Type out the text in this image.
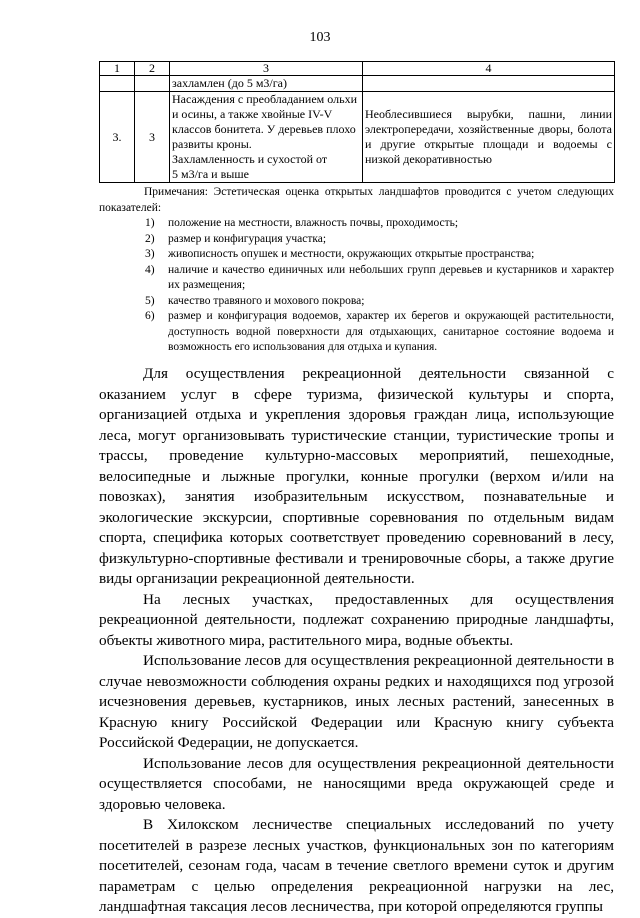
103
1	2	3	4
		захламлен (до 5 м3/га)	
3.	3	Насаждения с преобладанием ольхи и осины, а также хвойные IV-V классов бонитета. У деревьев плохо развиты кроны.
Захламленность и сухостой от
5 м3/га и выше	Необлесившиеся вырубки, пашни, линии электропередачи, хозяйственные дворы, болота и другие открытые площади и водоемы с низкой декоративностью

Примечания: Эстетическая оценка открытых ландшафтов проводится с учетом следующих показателей:

1) положение на местности, влажность почвы, проходимость;
2) размер и конфигурация участка;
3) живописность опушек и местности, окружающих открытые пространства;
4) наличие и качество единичных или небольших групп деревьев и кустарников и характер их размещения;
5) качество травяного и мохового покрова;
6) размер и конфигурация водоемов, характер их берегов и окружающей растительности, доступность водной поверхности для отдыхающих, санитарное состояние водоема и возможность его использования для отдыха и купания.

Для осуществления рекреационной деятельности связанной с оказанием услуг в сфере туризма, физической культуры и спорта, организацией отдыха и укрепления здоровья граждан лица, использующие леса, могут организовывать туристические станции, туристические тропы и трассы, проведение культурно-массовых мероприятий, пешеходные, велосипедные и лыжные прогулки, конные прогулки (верхом и/или на повозках), занятия изобразительным искусством, познавательные и экологические экскурсии, спортивные соревнования по отдельным видам спорта, специфика которых соответствует проведению соревнований в лесу, физкультурно-спортивные фестивали и тренировочные сборы, а также другие виды организации рекреационной деятельности.

На лесных участках, предоставленных для осуществления рекреационной деятельности, подлежат сохранению природные ландшафты, объекты животного мира, растительного мира, водные объекты.

Использование лесов для осуществления рекреационной деятельности в случае невозможности соблюдения охраны редких и находящихся под угрозой исчезновения деревьев, кустарников, иных лесных растений, занесенных в Красную книгу Российской Федерации или Красную книгу субъекта Российской Федерации, не допускается.

Использование лесов для осуществления рекреационной деятельности осуществляется способами, не наносящими вреда окружающей среде и здоровью человека.

В Хилокском лесничестве специальных исследований по учету посетителей в разрезе лесных участков, функциональных зон по категориям посетителей, сезонам года, часам в течение светлого времени суток и другим параметрам с целью определения рекреационной нагрузки на лес, ландшафтная таксация лесов лесничества, при которой определяются группы
